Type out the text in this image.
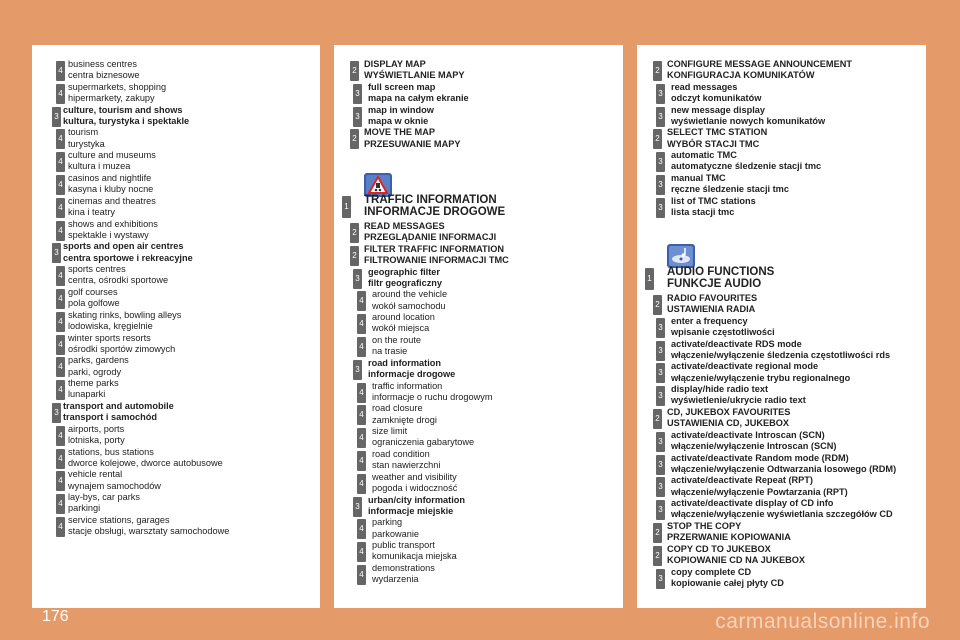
4
business centres
centra biznesowe
4
supermarkets, shopping
hipermarkety, zakupy
3
culture, tourism and shows
kultura, turystyka i spektakle
4
tourism
turystyka
4
culture and museums
kultura i muzea
4
casinos and nightlife
kasyna i kluby nocne
4
cinemas and theatres
kina i teatry
4
shows and exhibitions
spektakle i wystawy
3
sports and open air centres
centra sportowe i rekreacyjne
4
sports centres
centra, ośrodki sportowe
4
golf courses
pola golfowe
4
skating rinks, bowling alleys
lodowiska, kręgielnie
4
winter sports resorts
ośrodki sportów zimowych
4
parks, gardens
parki, ogrody
4
theme parks
lunaparki
3
transport and automobile
transport i samochód
4
airports, ports
lotniska, porty
4
stations, bus stations
dworce kolejowe, dworce autobusowe
4
vehicle rental
wynajem samochodów
4
lay-bys, car parks
parkingi
4
service stations, garages
stacje obsługi, warsztaty samochodowe
2
DISPLAY MAP
WYŚWIETLANIE MAPY
3
full screen map
mapa na całym ekranie
3
map in window
mapa w oknie
2
MOVE THE MAP
PRZESUWANIE MAPY
1
TRAFFIC INFORMATION
INFORMACJE DROGOWE
2
READ MESSAGES
PRZEGLĄDANIE INFORMACJI
2
FILTER TRAFFIC INFORMATION
FILTROWANIE INFORMACJI TMC
3
geographic filter
filtr geograficzny
4
around the vehicle
wokół samochodu
4
around location
wokół miejsca
4
on the route
na trasie
3
road information
informacje drogowe
4
traffic information
informacje o ruchu drogowym
4
road closure
zamknięte drogi
4
size limit
ograniczenia gabarytowe
4
road condition
stan nawierzchni
4
weather and visibility
pogoda i widoczność
3
urban/city information
informacje miejskie
4
parking
parkowanie
4
public transport
komunikacja miejska
4
demonstrations
wydarzenia
2
CONFIGURE MESSAGE ANNOUNCEMENT
KONFIGURACJA KOMUNIKATÓW
3
read messages
odczyt komunikatów
3
new message display
wyświetlanie nowych komunikatów
2
SELECT TMC STATION
WYBÓR STACJI TMC
3
automatic TMC
automatyczne śledzenie stacji tmc
3
manual TMC
ręczne śledzenie stacji tmc
3
list of TMC stations
lista stacji tmc
1
AUDIO FUNCTIONS
FUNKCJE AUDIO
2
RADIO FAVOURITES
USTAWIENIA RADIA
3
enter a frequency
wpisanie częstotliwości
3
activate/deactivate RDS mode
włączenie/wyłączenie śledzenia częstotliwości rds
3
activate/deactivate regional mode
włączenie/wyłączenie trybu regionalnego
3
display/hide radio text
wyświetlenie/ukrycie radio text
2
CD, JUKEBOX FAVOURITES
USTAWIENIA CD, JUKEBOX
3
activate/deactivate Introscan (SCN)
włączenie/wyłączenie Introscan (SCN)
3
activate/deactivate Random mode (RDM)
włączenie/wyłączenie Odtwarzania losowego (RDM)
3
activate/deactivate Repeat (RPT)
włączenie/wyłączenie Powtarzania (RPT)
3
activate/deactivate display of CD info
włączenie/wyłączenie wyświetlania szczegółów CD
2
STOP THE COPY
PRZERWANIE KOPIOWANIA
2
COPY CD TO JUKEBOX
KOPIOWANIE CD NA JUKEBOX
3
copy complete CD
kopiowanie całej płyty CD
176	carmanualsonline.info
